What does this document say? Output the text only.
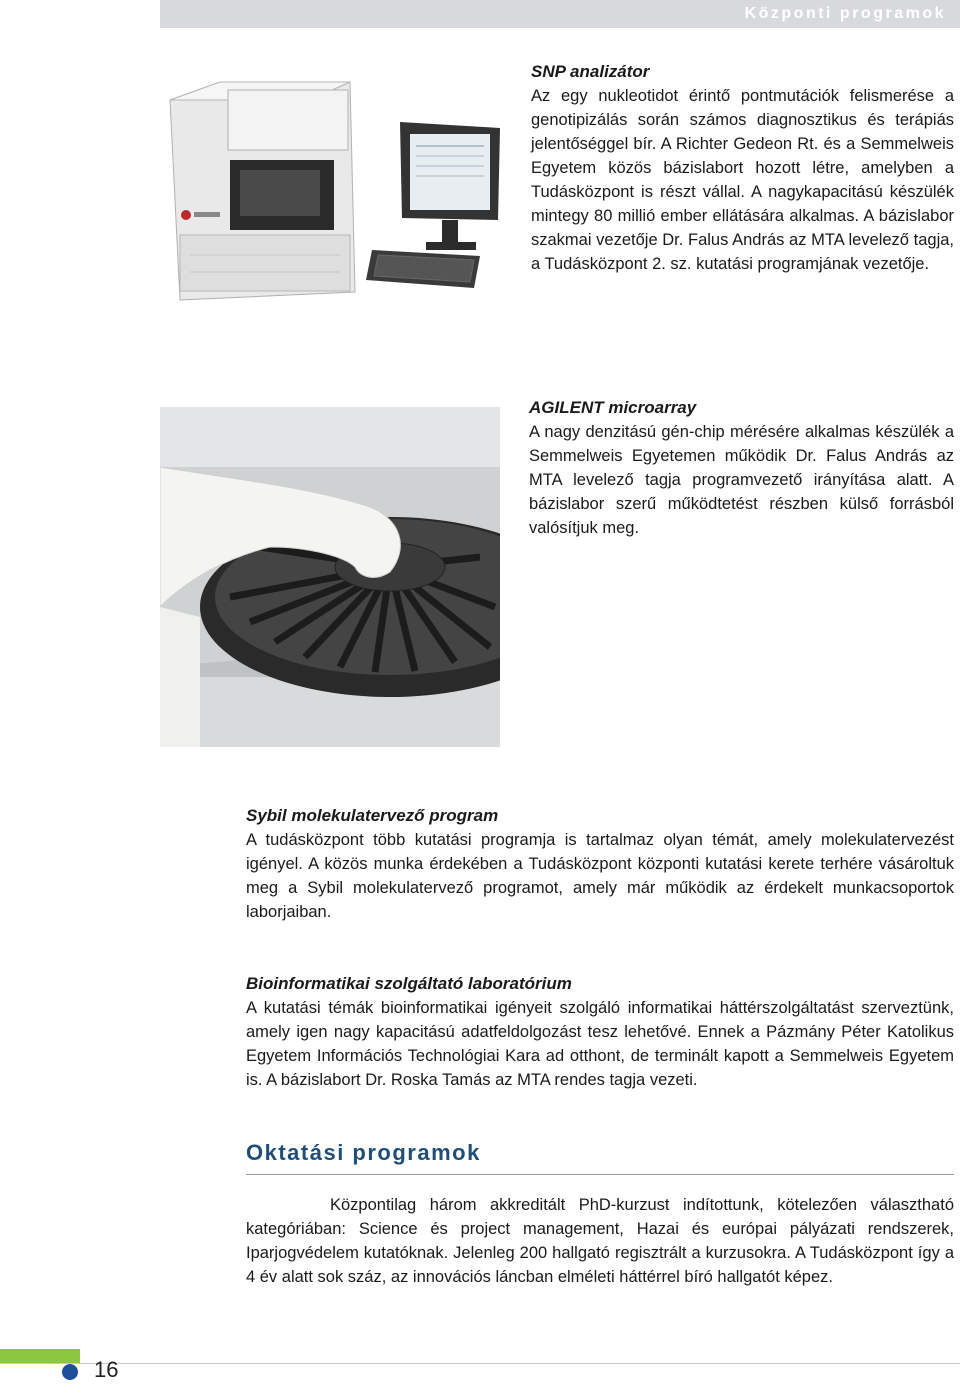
Központi programok
SNP analizátor

Az egy nukleotidot érintő pontmutációk felismerése a genotipizálás során számos diagnosztikus és terápiás jelentőséggel bír. A Richter Gedeon Rt. és a Semmelweis Egyetem közös bázislabort hozott létre, amelyben a Tudásközpont is részt vállal. A nagykapacitású készülék mintegy 80 millió ember ellátására alkalmas. A bázislabor szakmai vezetője Dr. Falus András az MTA levelező tagja, a Tudásközpont 2. sz. kutatási programjának vezetője.

AGILENT microarray

A nagy denzitású gén-chip mérésére alkalmas készülék a Semmelweis Egyetemen működik Dr. Falus András az MTA levelező tagja programvezető irányítása alatt. A bázislabor szerű működtetést részben külső forrásból valósítjuk meg.

Sybil molekulatervező program

A tudásközpont több kutatási programja is tartalmaz olyan témát, amely molekulatervezést igényel. A közös munka érdekében a Tudásközpont központi kutatási kerete terhére vásároltuk meg a Sybil molekulatervező programot, amely már működik az érdekelt munkacsoportok laborjaiban.

Bioinformatikai szolgáltató laboratórium

A kutatási témák bioinformatikai igényeit szolgáló informatikai háttérszolgáltatást szerveztünk, amely igen nagy kapacitású adatfeldolgozást tesz lehetővé. Ennek a Pázmány Péter Katolikus Egyetem Információs Technológiai Kara ad otthont, de terminált kapott a Semmelweis Egyetem is. A bázislabort Dr. Roska Tamás az MTA rendes tagja vezeti.

Oktatási programok

Központilag három akkreditált PhD-kurzust indítottunk, kötelezően választható kategóriában: Science és project management, Hazai és európai pályázati rendszerek, Iparjogvédelem kutatóknak. Jelenleg 200 hallgató regisztrált a kurzusokra. A Tudásközpont így a 4 év alatt sok száz, az innovációs láncban elméleti háttérrel bíró hallgatót képez.

16
